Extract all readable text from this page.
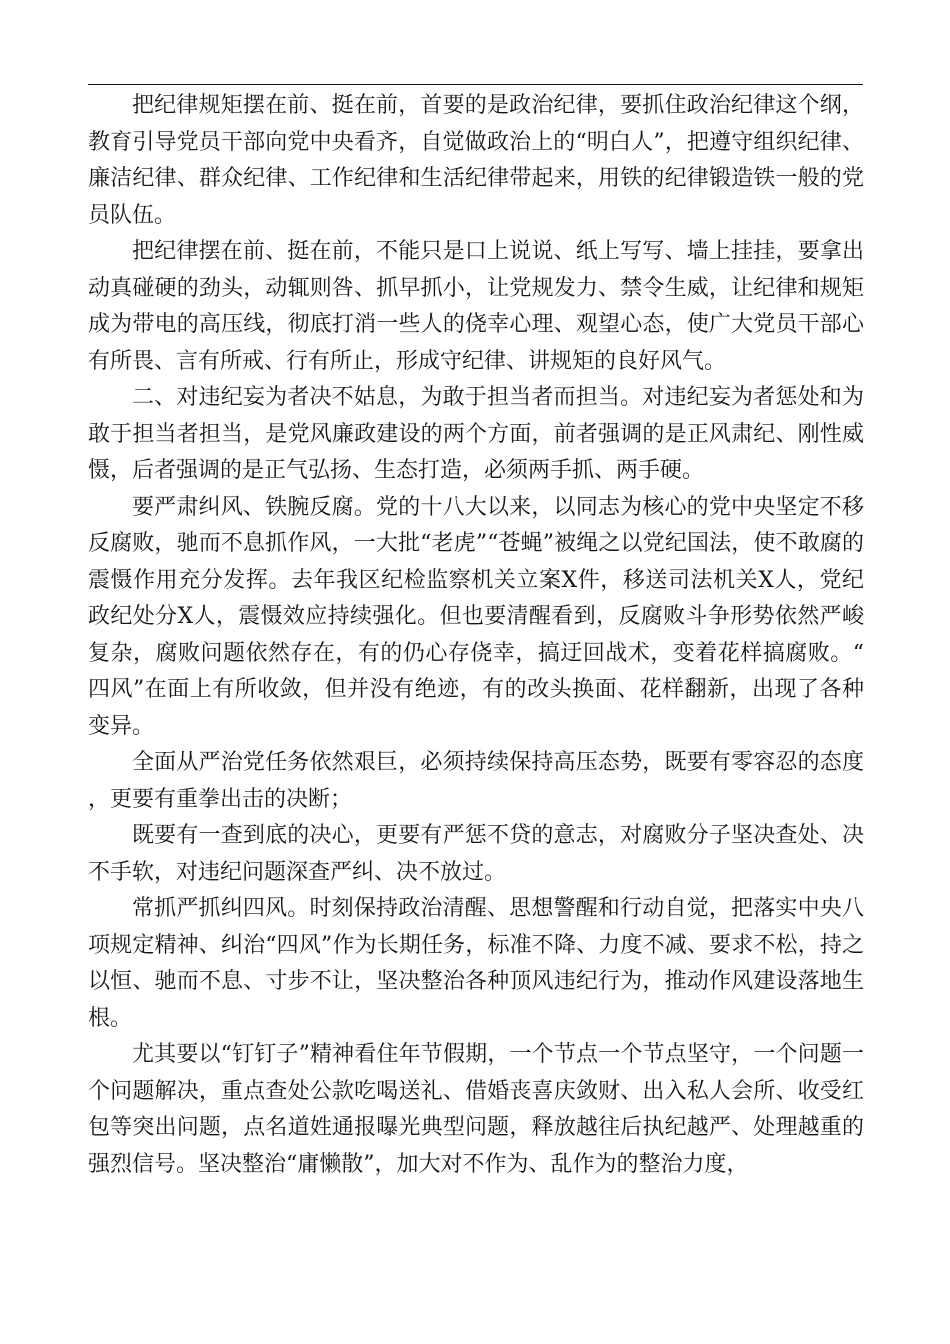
把纪律规矩摆在前、挺在前，首要的是政治纪律，要抓住政治纪律这个纲，教育引导党员干部向党中央看齐，自觉做政治上的“明白人”，把遵守组织纪律、廉洁纪律、群众纪律、工作纪律和生活纪律带起来，用铁的纪律锻造铁一般的党员队伍。

把纪律摆在前、挺在前，不能只是口上说说、纸上写写、墙上挂挂，要拿出动真碰硬的劲头，动辄则咎、抓早抓小，让党规发力、禁令生威，让纪律和规矩成为带电的高压线，彻底打消一些人的侥幸心理、观望心态，使广大党员干部心有所畏、言有所戒、行有所止，形成守纪律、讲规矩的良好风气。

二、对违纪妄为者决不姑息，为敢于担当者而担当。对违纪妄为者惩处和为敢于担当者担当，是党风廉政建设的两个方面，前者强调的是正风肃纪、刚性威慑，后者强调的是正气弘扬、生态打造，必须两手抓、两手硬。

要严肃纠风、铁腕反腐。党的十八大以来，以同志为核心的党中央坚定不移反腐败，驰而不息抓作风，一大批“老虎”“苍蝇”被绳之以党纪国法，使不敢腐的震慑作用充分发挥。去年我区纪检监察机关立案X件，移送司法机关X人，党纪政纪处分X人，震慑效应持续强化。但也要清醒看到，反腐败斗争形势依然严峻复杂，腐败问题依然存在，有的仍心存侥幸，搞迂回战术，变着花样搞腐败。“四风”在面上有所收敛，但并没有绝迹，有的改头换面、花样翻新，出现了各种变异。

全面从严治党任务依然艰巨，必须持续保持高压态势，既要有零容忍的态度，更要有重拳出击的决断；

既要有一查到底的决心，更要有严惩不贷的意志，对腐败分子坚决查处、决不手软，对违纪问题深查严纠、决不放过。

常抓严抓纠四风。时刻保持政治清醒、思想警醒和行动自觉，把落实中央八项规定精神、纠治“四风”作为长期任务，标准不降、力度不减、要求不松，持之以恒、驰而不息、寸步不让，坚决整治各种顶风违纪行为，推动作风建设落地生根。

尤其要以“钉钉子”精神看住年节假期，一个节点一个节点坚守，一个问题一个问题解决，重点查处公款吃喝送礼、借婚丧喜庆敛财、出入私人会所、收受红包等突出问题，点名道姓通报曝光典型问题，释放越往后执纪越严、处理越重的强烈信号。坚决整治“庸懒散”，加大对不作为、乱作为的整治力度，
